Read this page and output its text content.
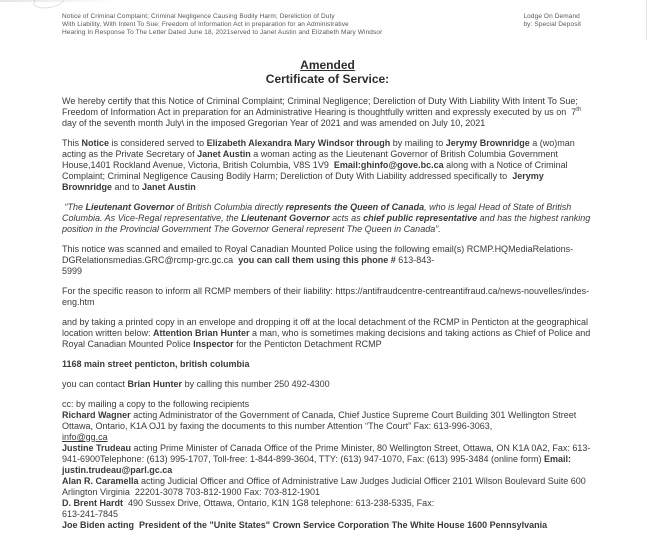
Notice of Criminal Complaint; Criminal Negligence Causing Bodily Harm; Dereliction of Duty
With Liability, With Intent To Sue; Freedom of Information Act in preparation for an Administrative
Hearing In Response To The Letter Dated June 18, 2021served to Janet Austin and Elizabeth Mary Windsor
Lodge On Demand
by: Special Deposit
Amended
Certificate of Service:

We hereby certify that this Notice of Criminal Complaint; Criminal Negligence; Dereliction of Duty With Liability With Intent To Sue; Freedom of Information Act in preparation for an Administrative Hearing is thoughtfully written and expressly executed by us on  7th day of the seventh month July\ in the imposed Gregorian Year of 2021 and was amended on July 10, 2021

This Notice is considered served to Elizabeth Alexandra Mary Windsor through by mailing to Jerymy Brownridge a (wo)man acting as the Private Secretary of Janet Austin a woman acting as the Lieutenant Governor of British Columbia Government House,1401 Rockland Avenue, Victoria, British Columbia, V8S 1V9  Email:ghinfo@gove.bc.ca along with a Notice of Criminal Complaint; Criminal Negligence Causing Bodily Harm; Dereliction of Duty With Liability addressed specifically to  Jerymy Brownridge and to Janet Austin

“The Lieutenant Governor of British Columbia directly represents the Queen of Canada, who is legal Head of State of British Columbia. As Vice-Regal representative, the Lieutenant Governor acts as chief public representative and has the highest ranking position in the Provincial Government The Governor General represent The Queen in Canada”.

This notice was scanned and emailed to Royal Canadian Mounted Police using the following email(s) RCMP.HQMediaRelations-DGRelationsmedias.GRC@rcmp-grc.gc.ca  you can call them using this phone # 613-843-
5999

For the specific reason to inform all RCMP members of their liability: https://antifraudcentre-centreantifraud.ca/news-nouvelles/indes-eng.htm

and by taking a printed copy in an envelope and dropping it off at the local detachment of the RCMP in Penticton at the geographical location written below: Attention Brian Hunter a man, who is sometimes making decisions and taking actions as Chief of Police and Royal Canadian Mounted Police Inspector for the Penticton Detachment RCMP

1168 main street penticton, british columbia

you can contact Brian Hunter by calling this number 250 492-4300

cc: by mailing a copy to the following recipients

Richard Wagner acting Administrator of the Government of Canada, Chief Justice Supreme Court Building 301 Wellington Street Ottawa, Ontario, K1A OJ1 by faxing the documents to this number Attention “The Court” Fax: 613-996-3063,
info@gg.ca

Justine Trudeau acting Prime Minister of Canada Office of the Prime Minister, 80 Wellington Street, Ottawa, ON K1A 0A2, Fax: 613-941-6900Telephone: (613) 995-1707, Toll-free: 1-844-899-3604, TTY: (613) 947-1070, Fax: (613) 995-3484 (online form) Email: justin.trudeau@parl.gc.ca

Alan R. Caramella acting Judicial Officer and Office of Administrative Law Judges Judicial Officer 2101 Wilson Boulevard Suite 600 Arlington Virginia  22201-3078 703-812-1900 Fax: 703-812-1901

D. Brent Hardt  490 Sussex Drive, Ottawa, Ontario, K1N 1G8 telephone: 613-238-5335, Fax:
613-241-7845

Joe Biden acting  President of the "Unite States" Crown Service Corporation The White House 1600 Pennsylvania
